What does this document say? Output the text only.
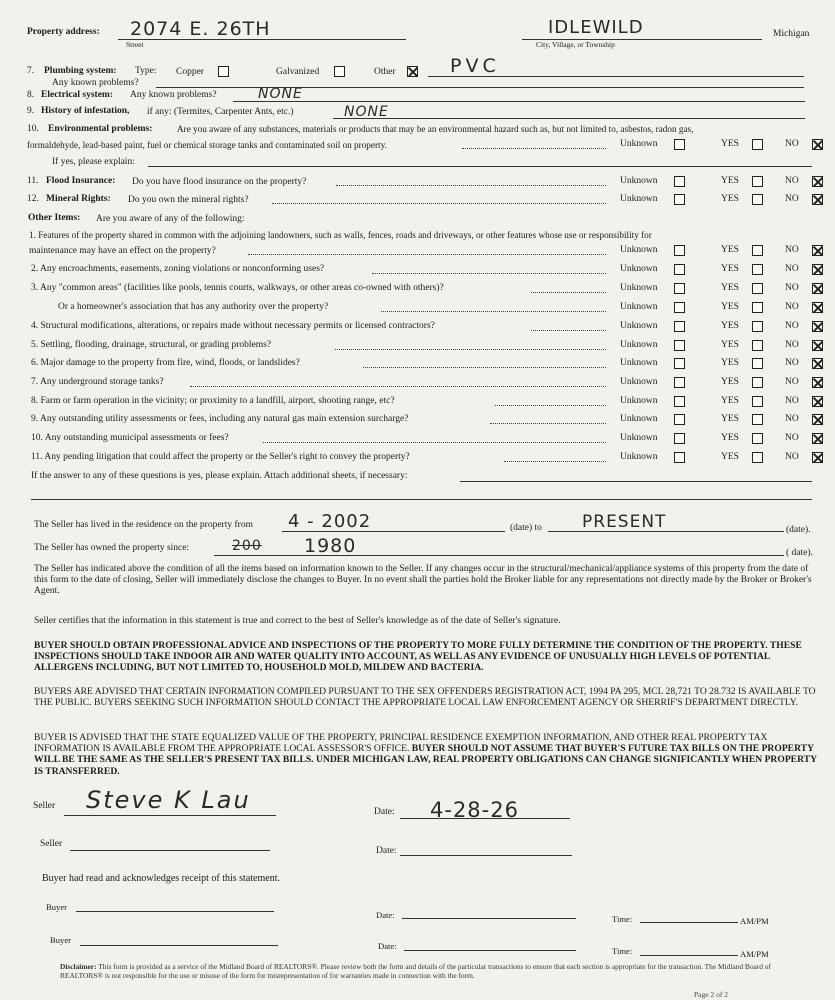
Property address: 2074 E. 26TH
Street
IDLEWILD
City, Village, or Township
Michigan
7. Plumbing system: Type: Copper	Galvanized	Other	PVC
Any known problems?
8. Electrical system: Any known problems?	NONE
9. History of infestation, if any: (Termites, Carpenter Ants, etc.)	NONE
10. Environmental problems:	Are you aware of any substances, materials or products that may be an environmental hazard such as, but not limited to, asbestos, radon gas,
formaldehyde, lead-based paint, fuel or chemical storage tanks and contaminated soil on property.	Unknown	YES	NO
If yes, please explain:
11. Flood Insurance: Do you have flood insurance on the property?	Unknown	YES	NO
12. Mineral Rights: Do you own the mineral rights?	Unknown	YES	NO
Other Items: Are you aware of any of the following:
1. Features of the property shared in common with the adjoining landowners, such as walls, fences, roads and driveways, or other features whose use or responsibility for
maintenance may have an effect on the property?	Unknown	YES	NO
2. Any encroachments, easements, zoning violations or nonconforming uses?	Unknown	YES	NO
3. Any "common areas" (facilities like pools, tennis courts, walkways, or other areas co-owned with others)?	Unknown	YES	NO
Or a homeowner's association that has any authority over the property?	Unknown	YES	NO
4. Structural modifications, alterations, or repairs made without necessary permits or licensed contractors?	Unknown	YES	NO
5. Settling, flooding, drainage, structural, or grading problems?	Unknown	YES	NO
6. Major damage to the property from fire, wind, floods, or landslides?	Unknown	YES	NO
7. Any underground storage tanks?	Unknown	YES	NO
8. Farm or farm operation in the vicinity; or proximity to a landfill, airport, shooting range, etc?	Unknown	YES	NO
9. Any outstanding utility assessments or fees, including any natural gas main extension surcharge?	Unknown	YES	NO
10. Any outstanding municipal assessments or fees?	Unknown	YES	NO
11. Any pending litigation that could affect the property or the Seller's right to convey the property?	Unknown	YES	NO
If the answer to any of these questions is yes, please explain. Attach additional sheets, if necessary:
The Seller has lived in the residence on the property from 4 - 2002	(date) to PRESENT	(date).
The Seller has owned the property since:	200 1980	( date).
The Seller has indicated above the condition of all the items based on information known to the Seller. If any changes occur in the structural/mechanical/appliance systems of this property from the date of this form to the date of closing, Seller will immediately disclose the changes to Buyer. In no event shall the parties hold the Broker liable for any representations not directly made by the Broker or Broker's Agent.
Seller certifies that the information in this statement is true and correct to the best of Seller's knowledge as of the date of Seller's signature.
BUYER SHOULD OBTAIN PROFESSIONAL ADVICE AND INSPECTIONS OF THE PROPERTY TO MORE FULLY DETERMINE THE CONDITION OF THE PROPERTY. THESE INSPECTIONS SHOULD TAKE INDOOR AIR AND WATER QUALITY INTO ACCOUNT, AS WELL AS ANY EVIDENCE OF UNUSUALLY HIGH LEVELS OF POTENTIAL ALLERGENS INCLUDING, BUT NOT LIMITED TO, HOUSEHOLD MOLD, MILDEW AND BACTERIA.
BUYERS ARE ADVISED THAT CERTAIN INFORMATION COMPILED PURSUANT TO THE SEX OFFENDERS REGISTRATION ACT, 1994 PA 295, MCL 28,721 TO 28.732 IS AVAILABLE TO THE PUBLIC. BUYERS SEEKING SUCH INFORMATION SHOULD CONTACT THE APPROPRIATE LOCAL LAW ENFORCEMENT AGENCY OR SHERRIF'S DEPARTMENT DIRECTLY.
BUYER IS ADVISED THAT THE STATE EQUALIZED VALUE OF THE PROPERTY, PRINCIPAL RESIDENCE EXEMPTION INFORMATION, AND OTHER REAL PROPERTY TAX INFORMATION IS AVAILABLE FROM THE APPROPRIATE LOCAL ASSESSOR'S OFFICE. BUYER SHOULD NOT ASSUME THAT BUYER'S FUTURE TAX BILLS ON THE PROPERTY WILL BE THE SAME AS THE SELLER'S PRESENT TAX BILLS. UNDER MICHIGAN LAW, REAL PROPERTY OBLIGATIONS CAN CHANGE SIGNIFICANTLY WHEN PROPERTY IS TRANSFERRED.
Seller Steve K Lau	Date: 4-28-26
Seller
Date:
Buyer had read and acknowledges receipt of this statement.
Buyer
Date:	Time:	AM/PM
Buyer
Date:	Time:	AM/PM
Disclaimer: This form is provided as a service of the Midland Board of REALTORS®. Please review both the form and details of the particular transactions to ensure that each section is appropriate for the transaction. The Midland Board of REALTORS® is not responsible for the use or misuse of the form for misrepresentation of for warranties made in connection with the form.
Page 2 of 2
